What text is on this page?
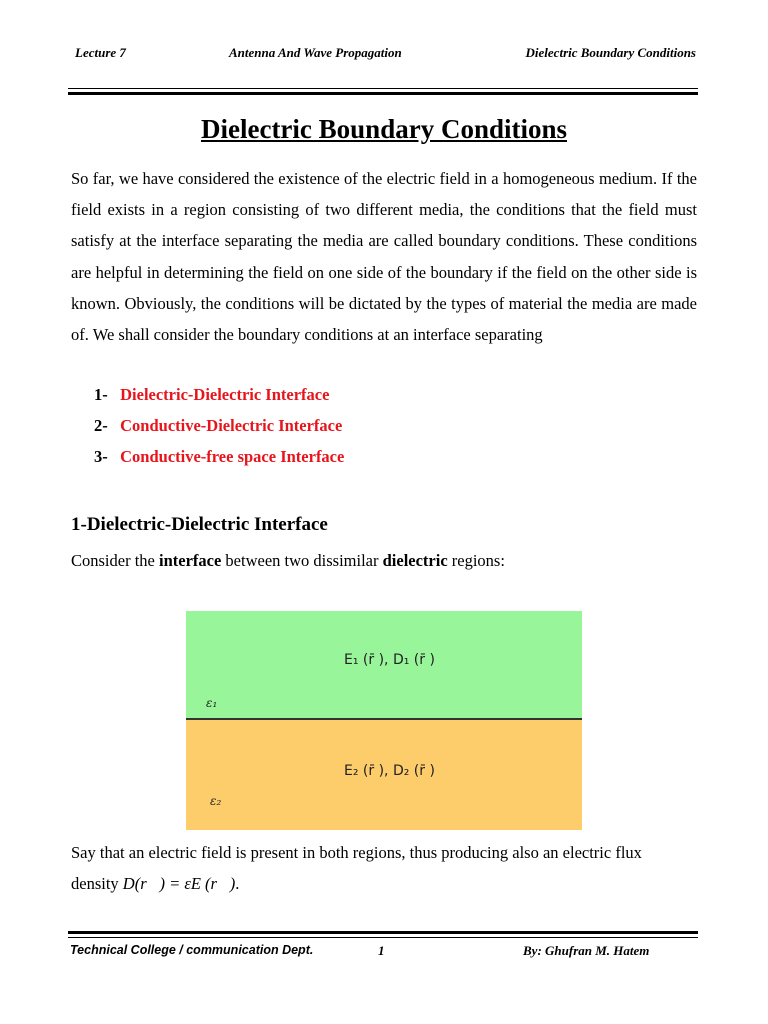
Lecture 7	Antenna And Wave Propagation	Dielectric Boundary Conditions
Dielectric Boundary Conditions
So far, we have considered the existence of the electric field in a homogeneous medium. If the field exists in a region consisting of two different media, the conditions that the field must satisfy at the interface separating the media are called boundary conditions. These conditions are helpful in determining the field on one side of the boundary if the field on the other side is known. Obviously, the conditions will be dictated by the types of material the media are made of. We shall consider the boundary conditions at an interface separating
1- Dielectric-Dielectric Interface
2- Conductive-Dielectric Interface
3- Conductive-free space Interface
1-Dielectric-Dielectric Interface
Consider the interface between two dissimilar dielectric regions:
E₁ (r̄ ), D₁ (r̄ )
ε₁
E₂ (r̄ ), D₂ (r̄ )
ε₂
Say that an electric field is present in both regions, thus producing also an electric flux
density D(r⃗) = εE (r⃗).
Technical College / communication Dept.	1	By: Ghufran M. Hatem
